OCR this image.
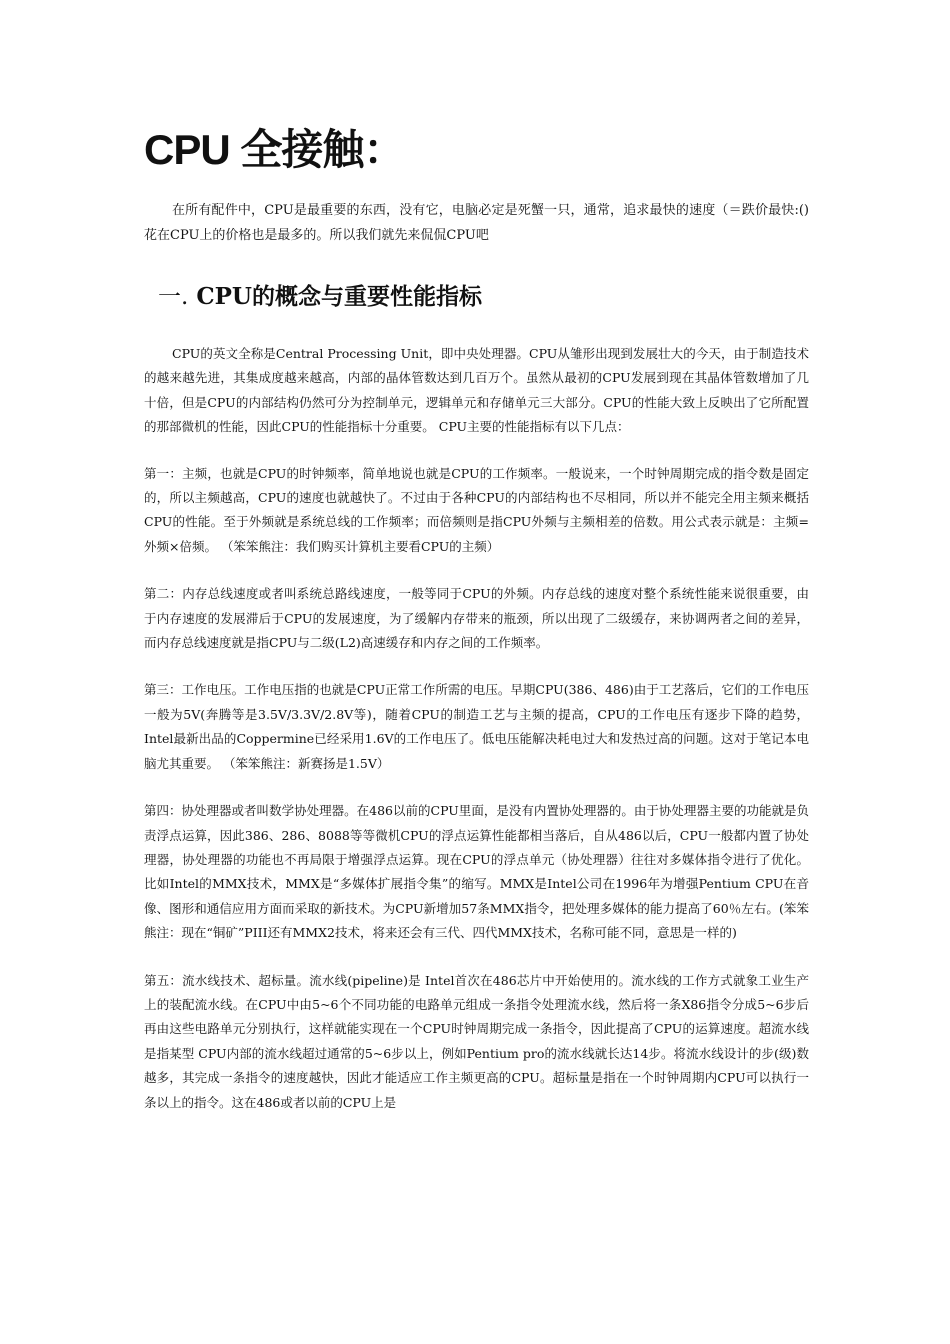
CPU 全接触：

在所有配件中，CPU是最重要的东西，没有它，电脑必定是死蟹一只，通常，追求最快的速度（＝跌价最快:()花在CPU上的价格也是最多的。所以我们就先来侃侃CPU吧

一. CPU的概念与重要性能指标

CPU的英文全称是Central Processing Unit，即中央处理器。CPU从雏形出现到发展壮大的今天，由于制造技术的越来越先进，其集成度越来越高，内部的晶体管数达到几百万个。虽然从最初的CPU发展到现在其晶体管数增加了几十倍，但是CPU的内部结构仍然可分为控制单元，逻辑单元和存储单元三大部分。CPU的性能大致上反映出了它所配置的那部微机的性能，因此CPU的性能指标十分重要。 CPU主要的性能指标有以下几点：

第一：主频，也就是CPU的时钟频率，简单地说也就是CPU的工作频率。一般说来，一个时钟周期完成的指令数是固定的，所以主频越高，CPU的速度也就越快了。不过由于各种CPU的内部结构也不尽相同，所以并不能完全用主频来概括CPU的性能。至于外频就是系统总线的工作频率；而倍频则是指CPU外频与主频相差的倍数。用公式表示就是：主频=外频×倍频。 （笨笨熊注：我们购买计算机主要看CPU的主频）

第二：内存总线速度或者叫系统总路线速度，一般等同于CPU的外频。内存总线的速度对整个系统性能来说很重要，由于内存速度的发展滞后于CPU的发展速度，为了缓解内存带来的瓶颈，所以出现了二级缓存，来协调两者之间的差异，而内存总线速度就是指CPU与二级(L2)高速缓存和内存之间的工作频率。

第三：工作电压。工作电压指的也就是CPU正常工作所需的电压。早期CPU(386、486)由于工艺落后，它们的工作电压一般为5V(奔腾等是3.5V/3.3V/2.8V等)，随着CPU的制造工艺与主频的提高，CPU的工作电压有逐步下降的趋势，Intel最新出品的Coppermine已经采用1.6V的工作电压了。低电压能解决耗电过大和发热过高的问题。这对于笔记本电脑尤其重要。 （笨笨熊注：新赛扬是1.5V）

第四：协处理器或者叫数学协处理器。在486以前的CPU里面，是没有内置协处理器的。由于协处理器主要的功能就是负责浮点运算，因此386、286、8088等等微机CPU的浮点运算性能都相当落后，自从486以后，CPU一般都内置了协处理器，协处理器的功能也不再局限于增强浮点运算。现在CPU的浮点单元（协处理器）往往对多媒体指令进行了优化。比如Intel的MMX技术，MMX是“多媒体扩展指令集”的缩写。MMX是Intel公司在1996年为增强Pentium CPU在音像、图形和通信应用方面而采取的新技术。为CPU新增加57条MMX指令，把处理多媒体的能力提高了60％左右。(笨笨熊注：现在“铜矿”PIII还有MMX2技术，将来还会有三代、四代MMX技术，名称可能不同，意思是一样的)

第五：流水线技术、超标量。流水线(pipeline)是 Intel首次在486芯片中开始使用的。流水线的工作方式就象工业生产上的装配流水线。在CPU中由5~6个不同功能的电路单元组成一条指令处理流水线，然后将一条X86指令分成5~6步后再由这些电路单元分别执行，这样就能实现在一个CPU时钟周期完成一条指令，因此提高了CPU的运算速度。超流水线是指某型 CPU内部的流水线超过通常的5~6步以上，例如Pentium pro的流水线就长达14步。将流水线设计的步(级)数越多，其完成一条指令的速度越快，因此才能适应工作主频更高的CPU。超标量是指在一个时钟周期内CPU可以执行一条以上的指令。这在486或者以前的CPU上是
